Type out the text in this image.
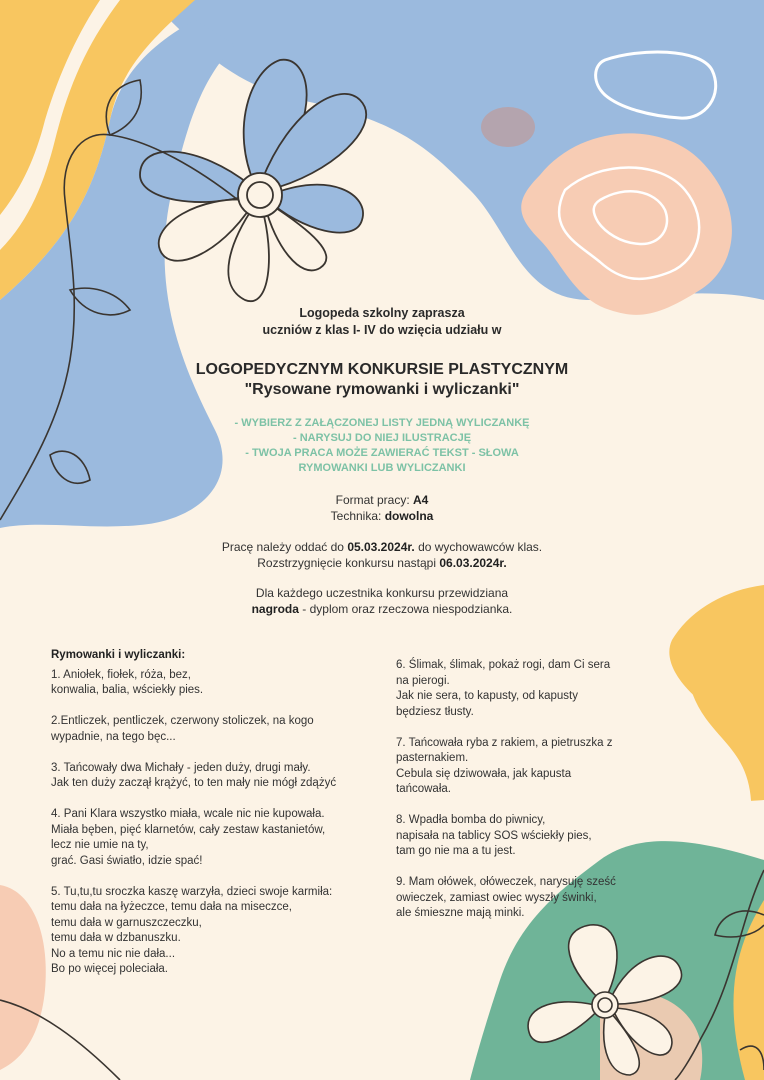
Logopeda szkolny zaprasza
uczniów z klas I- IV do wzięcia udziału w
LOGOPEDYCZNYM KONKURSIE PLASTYCZNYM
"Rysowane rymowanki i wyliczanki"
- WYBIERZ Z ZAŁĄCZONEJ LISTY JEDNĄ WYLICZANKĘ
- NARYSUJ DO NIEJ ILUSTRACJĘ
- TWOJA PRACA MOŻE ZAWIERAĆ TEKST - SŁOWA
RYMOWANKI LUB WYLICZANKI
Format pracy: A4
Technika: dowolna
Pracę należy oddać do 05.03.2024r. do wychowawców klas.
Rozstrzygnięcie konkursu nastąpi 06.03.2024r.
Dla każdego uczestnika konkursu przewidziana
nagroda - dyplom oraz rzeczowa niespodzianka.
Rymowanki i wyliczanki:

1. Aniołek, fiołek, róża, bez,
konwalia, balia, wściekły pies.

2.Entliczek, pentliczek, czerwony stoliczek, na kogo
wypadnie, na tego bęc...

3. Tańcowały dwa Michały - jeden duży, drugi mały.
Jak ten duży zaczął krążyć, to ten mały nie mógł zdążyć

4. Pani Klara wszystko miała, wcale nic nie kupowała.
Miała bęben, pięć klarnetów, cały zestaw kastanietów,
lecz nie umie na ty,
grać. Gasi światło, idzie spać!

5. Tu,tu,tu sroczka kaszę warzyła, dzieci swoje karmiła:
temu dała na łyżeczce, temu dała na miseczce,
temu dała w garnuszczeczku,
temu dała w dzbanuszku.
No a temu nic nie dała...
Bo po więcej poleciała.

6. Ślimak, ślimak, pokaż rogi, dam Ci sera
na pierogi.
Jak nie sera, to kapusty, od kapusty
będziesz tłusty.

7. Tańcowała ryba z rakiem, a pietruszka z
pasternakiem.
Cebula się dziwowała, jak kapusta
tańcowała.

8. Wpadła bomba do piwnicy,
napisała na tablicy SOS wściekły pies,
tam go nie ma a tu jest.

9. Mam ołówek, ołóweczek, narysuję sześć
owieczek, zamiast owiec wyszły świnki,
ale śmieszne mają minki.
